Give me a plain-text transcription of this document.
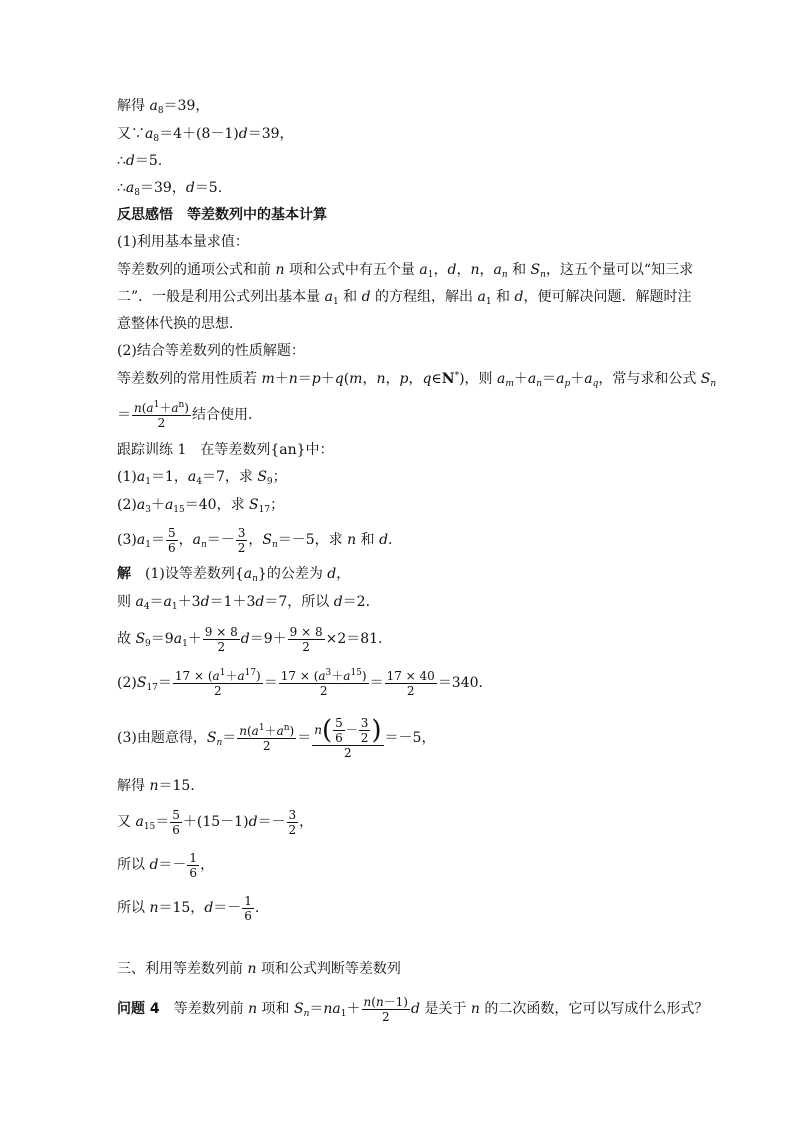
解得 $a_8=39$，
又$\because a_8=4+(8-1)d=39$，
∴d＝5.
$\therefore a_8=39$，d＝5.
反思感悟　等差数列中的基本计算
(1)利用基本量求值：
等差数列的通项公式和前 n 项和公式中有五个量 $a_1$，d，n，$a_n$ 和 $S_n$，这五个量可以“知三求
二”．一般是利用公式列出基本量 $a_1$ 和 d 的方程组，解出 $a_1$ 和 d，便可解决问题．解题时注
意整体代换的思想．
(2)结合等差数列的性质解题：
等差数列的常用性质若 m＋n＝p＋q(m，n，p，q∈N*)，则 $a_m+a_n=a_p+a_q$，常与求和公式 $S_n$
＝ $\frac{n(a^1+a^n)}{2}$ 结合使用．
跟踪训练 1　在等差数列{an}中：
$(1)a_1=1$，$a_4=7$，求 $S_9$；
$(2)a_3+a_{15}=40$，求 $S_{17}$；
$(3)a_1= \frac{5}{6}$ ，$a_n=- \frac{3}{2}$ ，$S_n=-5$，求 n 和 d.
解　(1)设等差数列$\{a_n\}$的公差为 d，
则 $a_4=a_1+3d=1+3d=7$，所以 d＝2.
故 $S_9=9a_1+ \frac{9 \times 8}{2} d=9+ \frac{9 \times 8}{2} \times 2=81$.
$(2)S_{17}= \frac{17 \times (a^1+a^{17})}{2} = \frac{17 \times (a^3+a^{15})}{2} = \frac{17 \times 40}{2} =340$.
(3)由题意得，$S_n= \frac{n(a^1+a^n)}{2} = \frac{n( \frac{5}{6} - \frac{3}{2} )}{2} =-5$，
解得 n＝15.
又 $a_{15}= \frac{5}{6} +(15-1)d=- \frac{3}{2}$ ，
所以 $d=- \frac{1}{6}$ ，
所以 n＝15，$d=- \frac{1}{6}$ .
三、利用等差数列前 n 项和公式判断等差数列
问题 4　等差数列前 n 项和 $S_n=na_1+ \frac{n(n-1)}{2}$ d 是关于 n 的二次函数，它可以写成什么形式？
